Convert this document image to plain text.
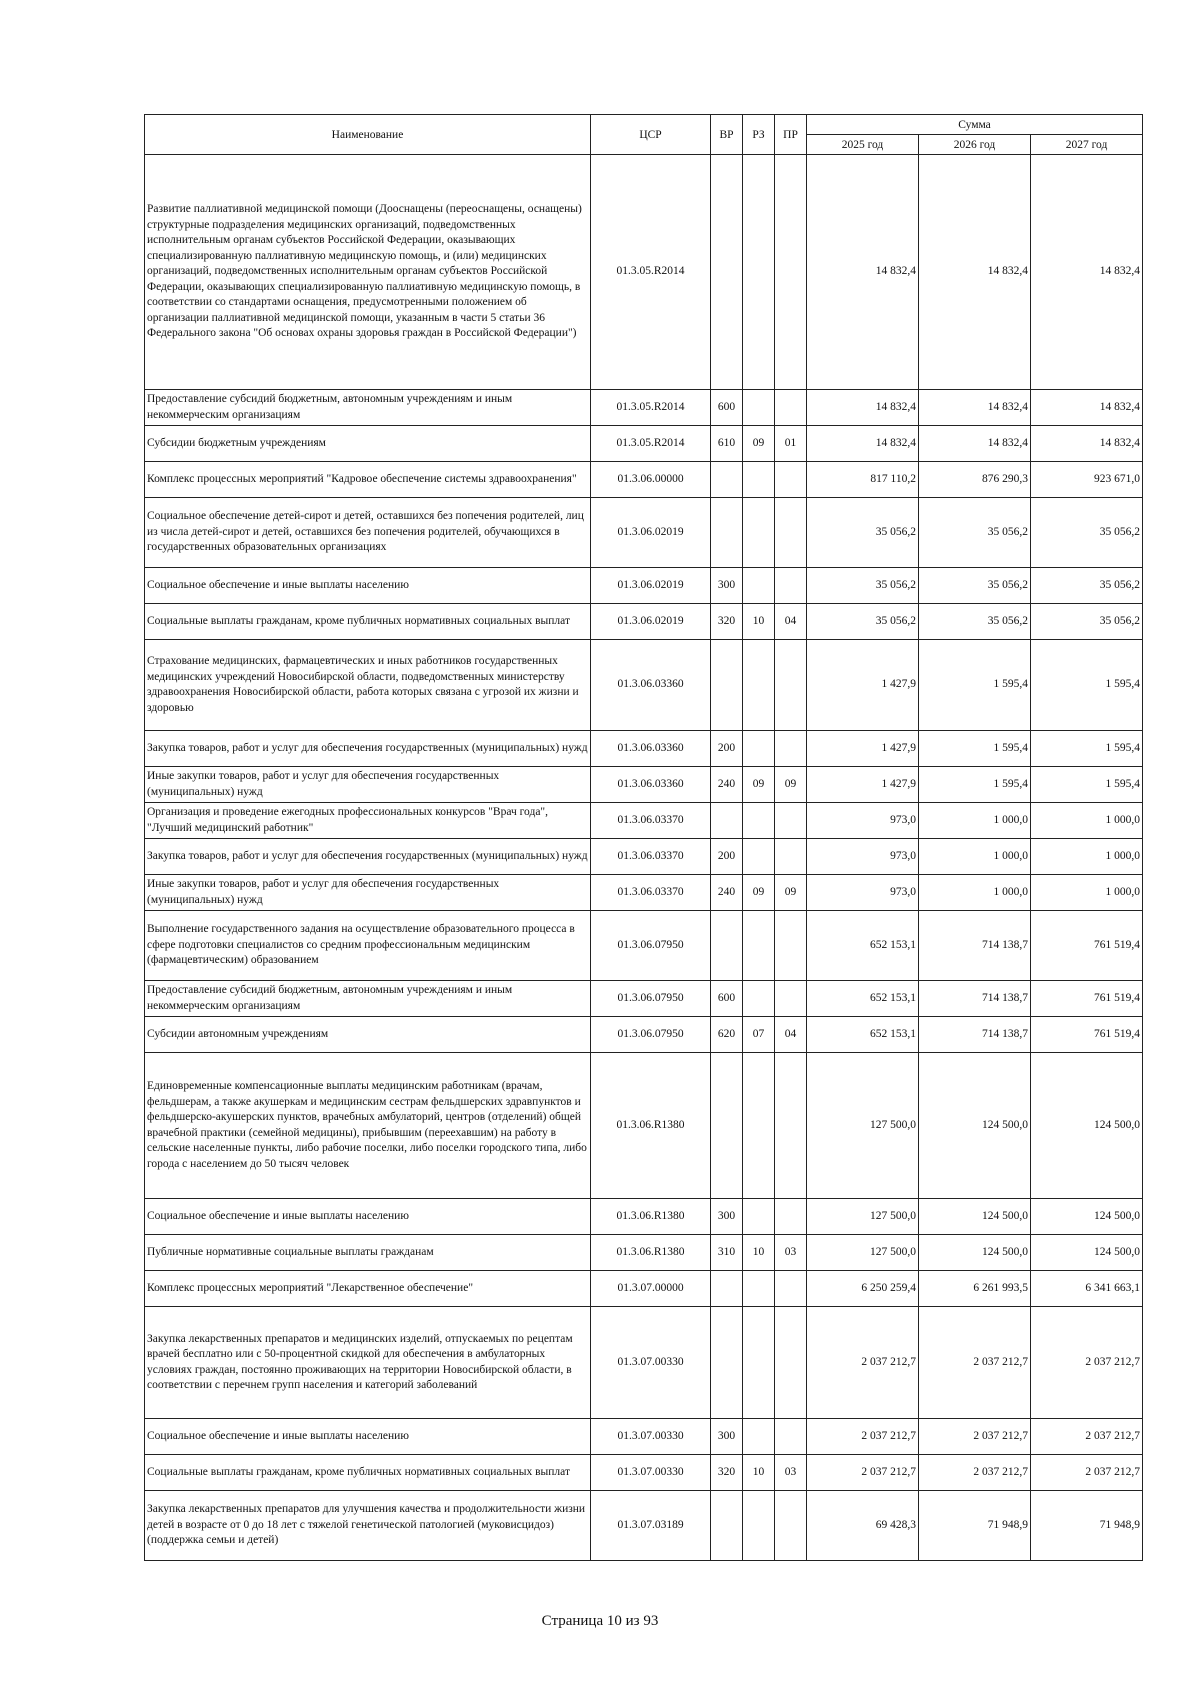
Наименование	ЦСР	ВР	РЗ	ПР	Сумма		
					2025 год	2026 год	2027 год
Развитие паллиативной медицинской помощи (Дооснащены (переоснащены, оснащены) структурные подразделения медицинских организаций, подведомственных исполнительным органам субъектов Российской Федерации, оказывающих специализированную паллиативную медицинскую помощь, и (или) медицинских организаций, подведомственных исполнительным органам субъектов Российской Федерации, оказывающих специализированную паллиативную медицинскую помощь, в соответствии со стандартами оснащения, предусмотренными положением об организации паллиативной медицинской помощи, указанным в части 5 статьи 36 Федерального закона "Об основах охраны здоровья граждан в Российской Федерации")	01.3.05.R2014				14 832,4	14 832,4	14 832,4
Предоставление субсидий бюджетным, автономным учреждениям и иным некоммерческим организациям	01.3.05.R2014	600			14 832,4	14 832,4	14 832,4
Субсидии бюджетным учреждениям	01.3.05.R2014	610	09	01	14 832,4	14 832,4	14 832,4
Комплекс процессных мероприятий "Кадровое обеспечение системы здравоохранения"	01.3.06.00000				817 110,2	876 290,3	923 671,0
Социальное обеспечение детей-сирот и детей, оставшихся без попечения родителей, лиц из числа детей-сирот и детей, оставшихся без попечения родителей, обучающихся в государственных образовательных организациях	01.3.06.02019				35 056,2	35 056,2	35 056,2
Социальное обеспечение и иные выплаты населению	01.3.06.02019	300			35 056,2	35 056,2	35 056,2
Социальные выплаты гражданам, кроме публичных нормативных социальных выплат	01.3.06.02019	320	10	04	35 056,2	35 056,2	35 056,2
Страхование медицинских, фармацевтических и иных работников государственных медицинских учреждений Новосибирской области, подведомственных министерству здравоохранения Новосибирской области, работа которых связана с угрозой их жизни и здоровью	01.3.06.03360				1 427,9	1 595,4	1 595,4
Закупка товаров, работ и услуг для обеспечения государственных (муниципальных) нужд	01.3.06.03360	200			1 427,9	1 595,4	1 595,4
Иные закупки товаров, работ и услуг для обеспечения государственных (муниципальных) нужд	01.3.06.03360	240	09	09	1 427,9	1 595,4	1 595,4
Организация и проведение ежегодных профессиональных конкурсов "Врач года", "Лучший медицинский работник"	01.3.06.03370				973,0	1 000,0	1 000,0
Закупка товаров, работ и услуг для обеспечения государственных (муниципальных) нужд	01.3.06.03370	200			973,0	1 000,0	1 000,0
Иные закупки товаров, работ и услуг для обеспечения государственных (муниципальных) нужд	01.3.06.03370	240	09	09	973,0	1 000,0	1 000,0
Выполнение государственного задания на осуществление образовательного процесса в сфере подготовки специалистов со средним профессиональным медицинским (фармацевтическим) образованием	01.3.06.07950				652 153,1	714 138,7	761 519,4
Предоставление субсидий бюджетным, автономным учреждениям и иным некоммерческим организациям	01.3.06.07950	600			652 153,1	714 138,7	761 519,4
Субсидии автономным учреждениям	01.3.06.07950	620	07	04	652 153,1	714 138,7	761 519,4
Единовременные компенсационные выплаты медицинским работникам (врачам, фельдшерам, а также акушеркам и медицинским сестрам фельдшерских здравпунктов и фельдшерско-акушерских пунктов, врачебных амбулаторий, центров (отделений) общей врачебной практики (семейной медицины), прибывшим (переехавшим) на работу в сельские населенные пункты, либо рабочие поселки, либо поселки городского типа, либо города с населением до 50 тысяч человек	01.3.06.R1380				127 500,0	124 500,0	124 500,0
Социальное обеспечение и иные выплаты населению	01.3.06.R1380	300			127 500,0	124 500,0	124 500,0
Публичные нормативные социальные выплаты гражданам	01.3.06.R1380	310	10	03	127 500,0	124 500,0	124 500,0
Комплекс процессных мероприятий "Лекарственное обеспечение"	01.3.07.00000				6 250 259,4	6 261 993,5	6 341 663,1
Закупка лекарственных препаратов и медицинских изделий, отпускаемых по рецептам врачей бесплатно или с 50-процентной скидкой для обеспечения в амбулаторных условиях граждан, постоянно проживающих на территории Новосибирской области, в соответствии с перечнем групп населения и категорий заболеваний	01.3.07.00330				2 037 212,7	2 037 212,7	2 037 212,7
Социальное обеспечение и иные выплаты населению	01.3.07.00330	300			2 037 212,7	2 037 212,7	2 037 212,7
Социальные выплаты гражданам, кроме публичных нормативных социальных выплат	01.3.07.00330	320	10	03	2 037 212,7	2 037 212,7	2 037 212,7
Закупка лекарственных препаратов для улучшения качества и продолжительности жизни детей в возрасте от 0 до 18 лет с тяжелой генетической патологией (муковисцидоз) (поддержка семьи и детей)	01.3.07.03189				69 428,3	71 948,9	71 948,9
Страница 10 из 93
